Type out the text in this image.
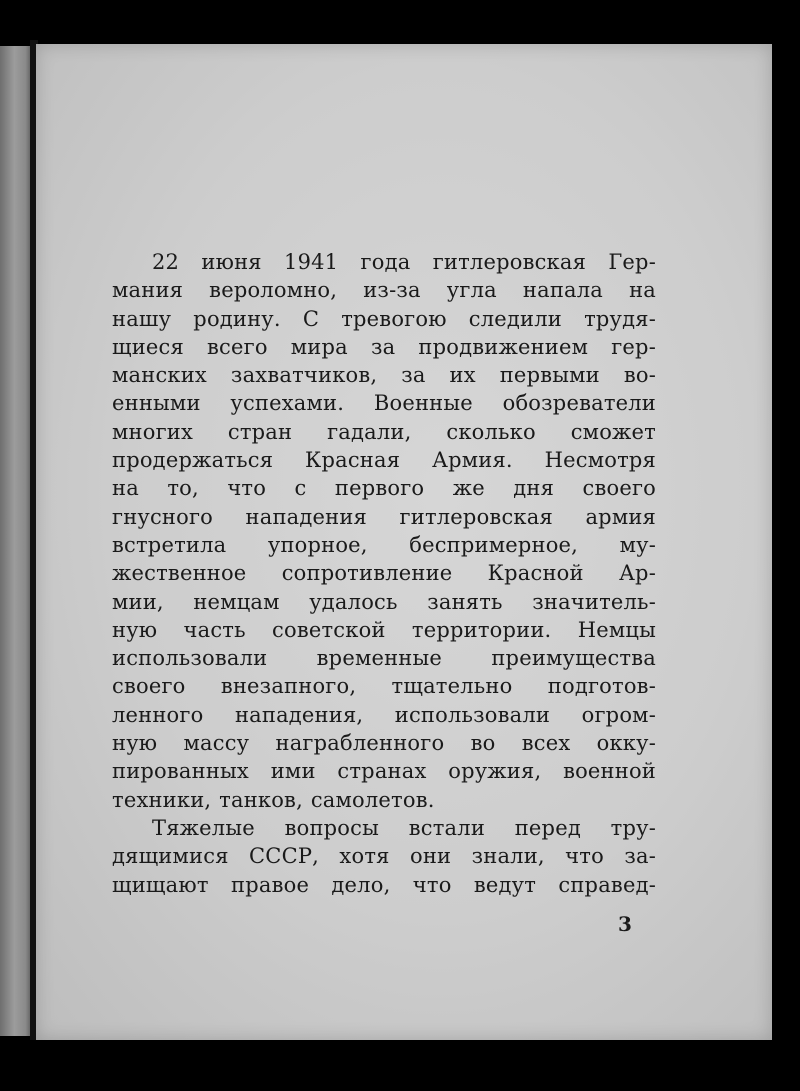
22 июня 1941 года гитлеровская Гер-
мания вероломно, из-за угла напала на
нашу родину. С тревогою следили трудя-
щиеся всего мира за продвижением гер-
манских захватчиков, за их первыми во-
енными успехами. Военные обозреватели
многих стран гадали, сколько сможет
продержаться Красная Армия. Несмотря
на то, что с первого же дня своего
гнусного нападения гитлеровская армия
встретила упорное, беспримерное, му-
жественное сопротивление Красной Ар-
мии, немцам удалось занять значитель-
ную часть советской территории. Немцы
использовали временные преимущества
своего внезапного, тщательно подготов-
ленного нападения, использовали огром-
ную массу награбленного во всех окку-
пированных ими странах оружия, военной
техники, танков, самолетов.
Тяжелые вопросы встали перед тру-
дящимися СССР, хотя они знали, что за-
щищают правое дело, что ведут справед-
3
